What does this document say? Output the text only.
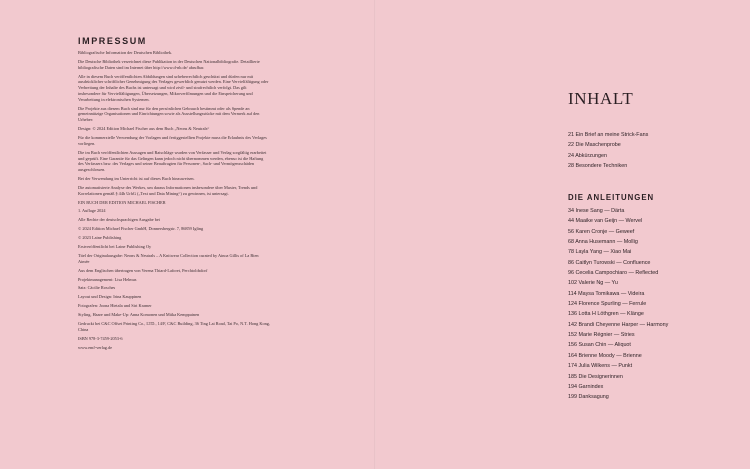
IMPRESSUM

Bibliografische Information der Deutschen Bibliothek.

Die Deutsche Bibliothek verzeichnet diese Publikation in der Deutschen Nationalbibliografie. Detaillierte bibliografische Daten sind im Internet über http://www.d-nb.de/ abrufbar.

Alle in diesem Buch veröffentlichten Abbildungen sind urheberrechtlich geschützt und dürfen nur mit ausdrücklicher schriftlicher Genehmigung des Verlages gewerblich genutzt werden. Eine Vervielfältigung oder Verbreitung der Inhalte des Buchs ist untersagt und wird zivil- und strafrechtlich verfolgt. Das gilt insbesondere für Vervielfältigungen, Übersetzungen, Mikroverfilmungen und die Einspeicherung und Verarbeitung in elektronischen Systemen.

Die Projekte aus diesem Buch sind nur für den persönlichen Gebrauch bestimmt oder als Spende an gemeinnützige Organisationen und Einrichtungen sowie als Ausstellungsstücke mit dem Vermerk auf den Urheber:

Design: © 2024 Edition Michael Fischer aus dem Buch „Neons & Neutrals“

Für die kommerzielle Verwendung der Vorlagen und fertiggestellten Projekte muss die Erlaubnis des Verlages vorliegen.

Die im Buch veröffentlichten Aussagen und Ratschläge wurden von Verfasser und Verlag sorgfältig erarbeitet und geprüft. Eine Garantie für das Gelingen kann jedoch nicht übernommen werden, ebenso ist die Haftung des Verfassers bzw. des Verlages und seiner Beauftragten für Personen-, Sach- und Vermögensschäden ausgeschlossen.

Bei der Verwendung im Unterricht ist auf dieses Buch hinzuweisen.

Die automatisierte Analyse des Werkes, um daraus Informationen insbesondere über Muster, Trends und Korrelationen gemäß § 44b UrhG („Text und Data Mining“) zu gewinnen, ist untersagt.

EIN BUCH DER EDITION MICHAEL FISCHER

1. Auflage 2024

Alle Rechte der deutschsprachigen Ausgabe bei

© 2024 Edition Michael Fischer GmbH, Donnersbergstr. 7, 86859 Igling

© 2023 Laine Publishing

Erstveröffentlicht bei Laine Publishing Oy

Titel der Originalausgabe: Neons & Neutrals – A Knitwear Collection curated by Ainoa Gillis of La Bien Aimée

Aus dem Englischen übertragen von Verena Thiard-Laforet, Perchtoldsdorf

Projektmanagement: Lisa Helmus

Satz: Cäcilie Rosches

Layout und Design: Irina Kauppinen

Fotografen: Joona Hietala und Siri Kramer

Styling, Haare und Make-Up: Anna Komonen und Miika Kemppainen

Gedruckt bei C&C Offset Printing Co., LTD., 14/F, C&C Building, 36 Ting Lai Road, Tai Po, N.T. Hong Kong, China

ISBN 978-3-7459-2053-6

www.emf-verlag.de

INHALT
21 Ein Brief an meine Strick-Fans
22 Die Maschenprobe
24 Abkürzungen
28 Besondere Techniken
DIE ANLEITUNGEN
34 Inese Sang — Därta
44 Maaike van Geijn — Wervel
56 Karen Cronje — Geweef
68 Anna Husemann — Mollig
78 Layla Yang — Xiao Mai
86 Caitlyn Turowski — Confluence
96 Cecelia Campochiaro — Reflected
102 Valerie Ng — Yu
114 Maysa Tomikawa — Videira
124 Florence Spurling — Ferrule
136 Lotta H Löthgren — Klänge
142 Brandi Cheyenne Harper — Harmony
152 Marie Régnier — Stries
156 Susan Chin — Aliquot
164 Brienne Moody — Brienne
174 Julia Wilkens — Punkt
185 Die Designerinnen
194 Garnindex
199 Danksagung
